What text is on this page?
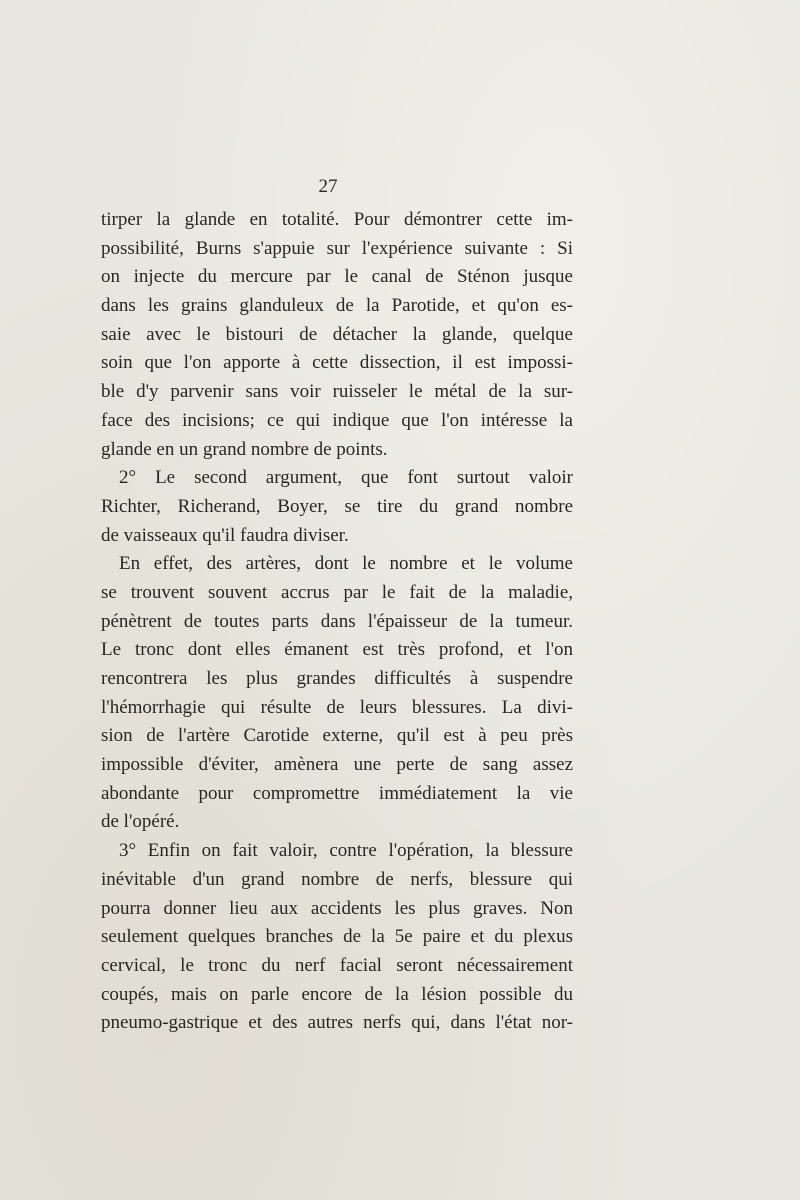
27
tirper la glande en totalité. Pour démontrer cette im-
possibilité, Burns s'appuie sur l'expérience suivante : Si
on injecte du mercure par le canal de Sténon jusque
dans les grains glanduleux de la Parotide, et qu'on es-
saie avec le bistouri de détacher la glande, quelque
soin que l'on apporte à cette dissection, il est impossi-
ble d'y parvenir sans voir ruisseler le métal de la sur-
face des incisions; ce qui indique que l'on intéresse la
glande en un grand nombre de points.
2° Le second argument, que font surtout valoir
Richter, Richerand, Boyer, se tire du grand nombre
de vaisseaux qu'il faudra diviser.
En effet, des artères, dont le nombre et le volume
se trouvent souvent accrus par le fait de la maladie,
pénètrent de toutes parts dans l'épaisseur de la tumeur.
Le tronc dont elles émanent est très profond, et l'on
rencontrera les plus grandes difficultés à suspendre
l'hémorrhagie qui résulte de leurs blessures. La divi-
sion de l'artère Carotide externe, qu'il est à peu près
impossible d'éviter, amènera une perte de sang assez
abondante pour compromettre immédiatement la vie
de l'opéré.
3° Enfin on fait valoir, contre l'opération, la blessure
inévitable d'un grand nombre de nerfs, blessure qui
pourra donner lieu aux accidents les plus graves. Non
seulement quelques branches de la 5e paire et du plexus
cervical, le tronc du nerf facial seront nécessairement
coupés, mais on parle encore de la lésion possible du
pneumo-gastrique et des autres nerfs qui, dans l'état nor-
